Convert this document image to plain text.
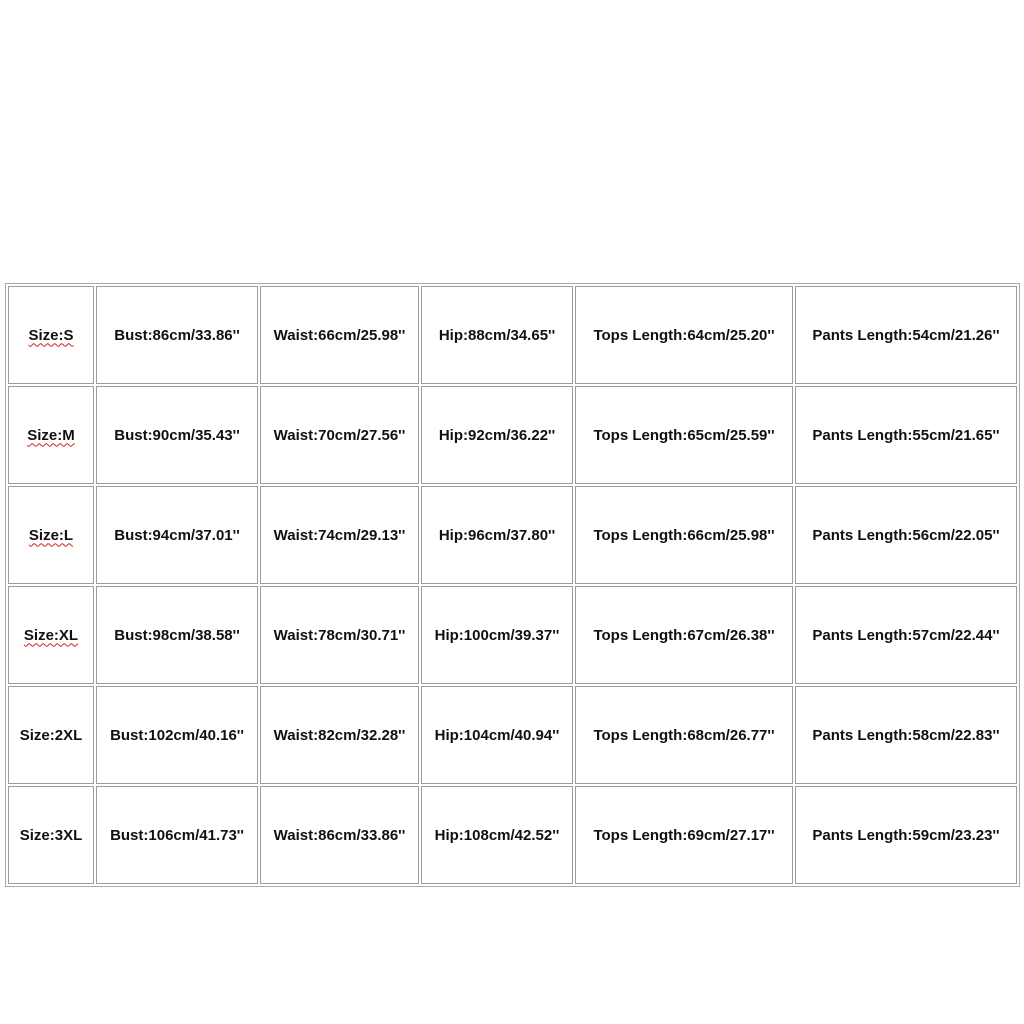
Size:S	Bust:86cm/33.86''	Waist:66cm/25.98''	Hip:88cm/34.65''	Tops Length:64cm/25.20''	Pants Length:54cm/21.26''
Size:M	Bust:90cm/35.43''	Waist:70cm/27.56''	Hip:92cm/36.22''	Tops Length:65cm/25.59''	Pants Length:55cm/21.65''
Size:L	Bust:94cm/37.01''	Waist:74cm/29.13''	Hip:96cm/37.80''	Tops Length:66cm/25.98''	Pants Length:56cm/22.05''
Size:XL	Bust:98cm/38.58''	Waist:78cm/30.71''	Hip:100cm/39.37''	Tops Length:67cm/26.38''	Pants Length:57cm/22.44''
Size:2XL	Bust:102cm/40.16''	Waist:82cm/32.28''	Hip:104cm/40.94''	Tops Length:68cm/26.77''	Pants Length:58cm/22.83''
Size:3XL	Bust:106cm/41.73''	Waist:86cm/33.86''	Hip:108cm/42.52''	Tops Length:69cm/27.17''	Pants Length:59cm/23.23''
